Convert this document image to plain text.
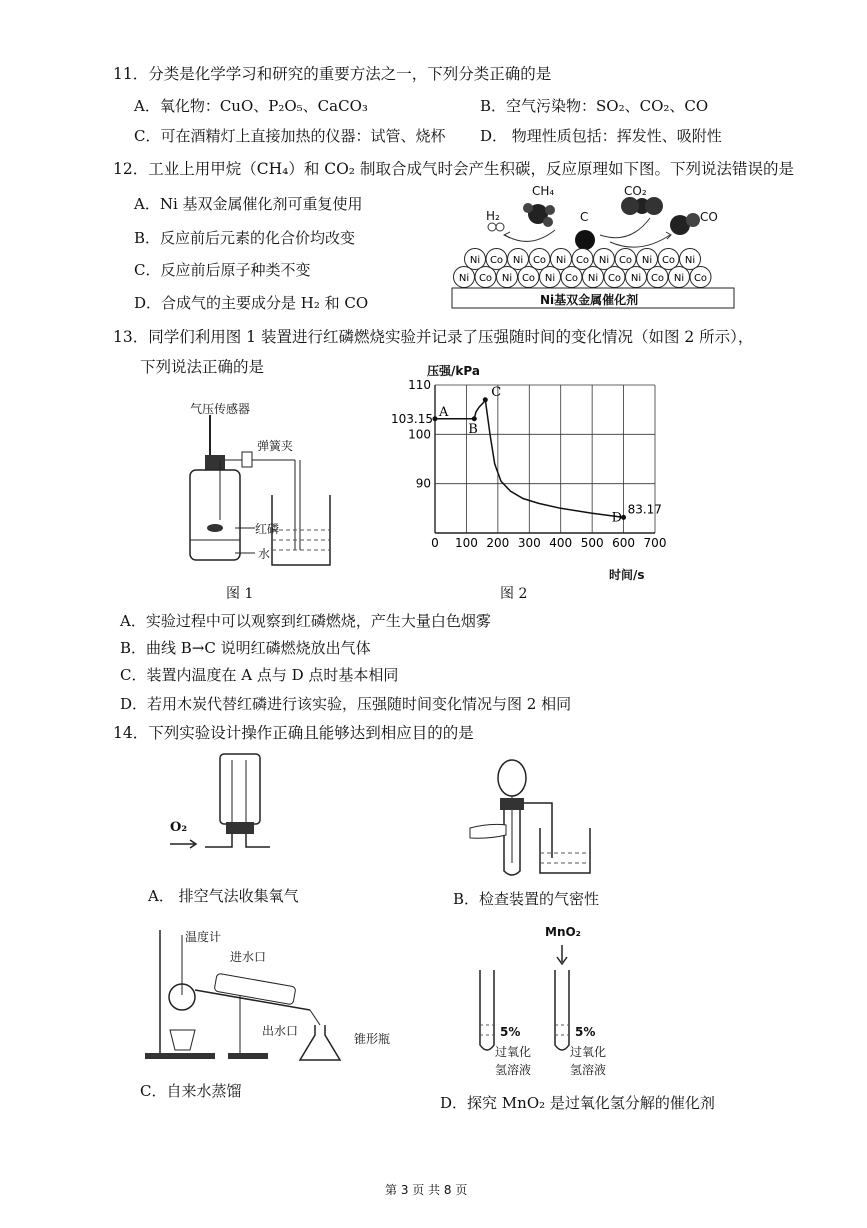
11．分类是化学学习和研究的重要方法之一，下列分类正确的是
A．氧化物：CuO、P₂O₅、CaCO₃	B．空气污染物：SO₂、CO₂、CO
C．可在酒精灯上直接加热的仪器：试管、烧杯 D． 物理性质包括：挥发性、吸附性
12．工业上用甲烷（CH₄）和 CO₂ 制取合成气时会产生积碳，反应原理如下图。下列说法错误的是
A．Ni 基双金属催化剂可重复使用
B．反应前后元素的化合价均改变
C．反应前后原子种类不变
D．合成气的主要成分是 H₂ 和 CO
Ni Co Ni Co Ni Co Ni Co Ni Co Ni
Ni Co Ni Co Ni Co Ni Co Ni Co Ni Co
CH₄	CO₂
H₂	C	CO
Ni基双金属催化剂
13．同学们利用图 1 装置进行红磷燃烧实验并记录了压强随时间的变化情况（如图 2 所示），
下列说法正确的是
气压传感器
弹簧夹
红磷
水
图 1
压强/kPa
时间/s
图 2
0 100 200 300 400 500 600 700
90
100
110
A
103.15
B
C
D
83.17
A．实验过程中可以观察到红磷燃烧，产生大量白色烟雾
B．曲线 B→C 说明红磷燃烧放出气体
C．装置内温度在 A 点与 D 点时基本相同
D．若用木炭代替红磷进行该实验，压强随时间变化情况与图 2 相同
14．下列实验设计操作正确且能够达到相应目的的是
O₂
A． 排空气法收集氧气	B．检查装置的气密性
温度计
进水口
出水口
锥形瓶
C．自来水蒸馏
MnO₂
5%
过氧化
氢溶液
5%
过氧化
氢溶液
D．探究 MnO₂ 是过氧化氢分解的催化剂
第 3 页 共 8 页
